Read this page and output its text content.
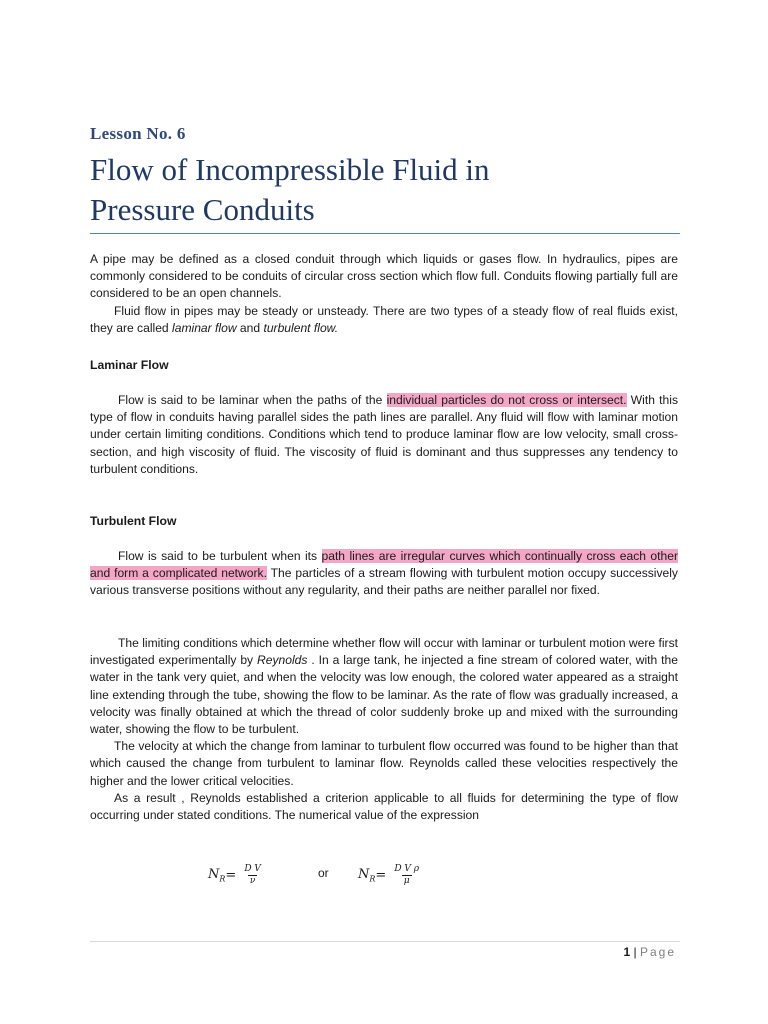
Lesson No. 6
Flow of Incompressible Fluid in
Pressure Conduits

A pipe may be defined as a closed conduit through which liquids or gases flow. In hydraulics, pipes are commonly considered to be conduits of circular cross section which flow full. Conduits flowing partially full are considered to be an open channels.

Fluid flow in pipes may be steady or unsteady. There are two types of a steady flow of real fluids exist, they are called laminar flow and turbulent flow.

Laminar Flow

Flow is said to be laminar when the paths of the individual particles do not cross or intersect. With this type of flow in conduits having parallel sides the path lines are parallel. Any fluid will flow with laminar motion under certain limiting conditions. Conditions which tend to produce laminar flow are low velocity, small cross-section, and high viscosity of fluid. The viscosity of fluid is dominant and thus suppresses any tendency to turbulent conditions.

Turbulent Flow

Flow is said to be turbulent when its path lines are irregular curves which continually cross each other and form a complicated network. The particles of a stream flowing with turbulent motion occupy successively various transverse positions without any regularity, and their paths are neither parallel nor fixed.

The limiting conditions which determine whether flow will occur with laminar or turbulent motion were first investigated experimentally by Reynolds . In a large tank, he injected a fine stream of colored water, with the water in the tank very quiet, and when the velocity was low enough, the colored water appeared as a straight line extending through the tube, showing the flow to be laminar. As the rate of flow was gradually increased, a velocity was finally obtained at which the thread of color suddenly broke up and mixed with the surrounding water, showing the flow to be turbulent.

The velocity at which the change from laminar to turbulent flow occurred was found to be higher than that which caused the change from turbulent to laminar flow. Reynolds called these velocities respectively the higher and the lower critical velocities.

As a result , Reynolds established a criterion applicable to all fluids for determining the type of flow occurring under stated conditions. The numerical value of the expression

$N_R = \frac{\text{D V}}{\nu}$	or $N_R = \frac{\text{D V ρ}}{\mu}$
1 | Page
